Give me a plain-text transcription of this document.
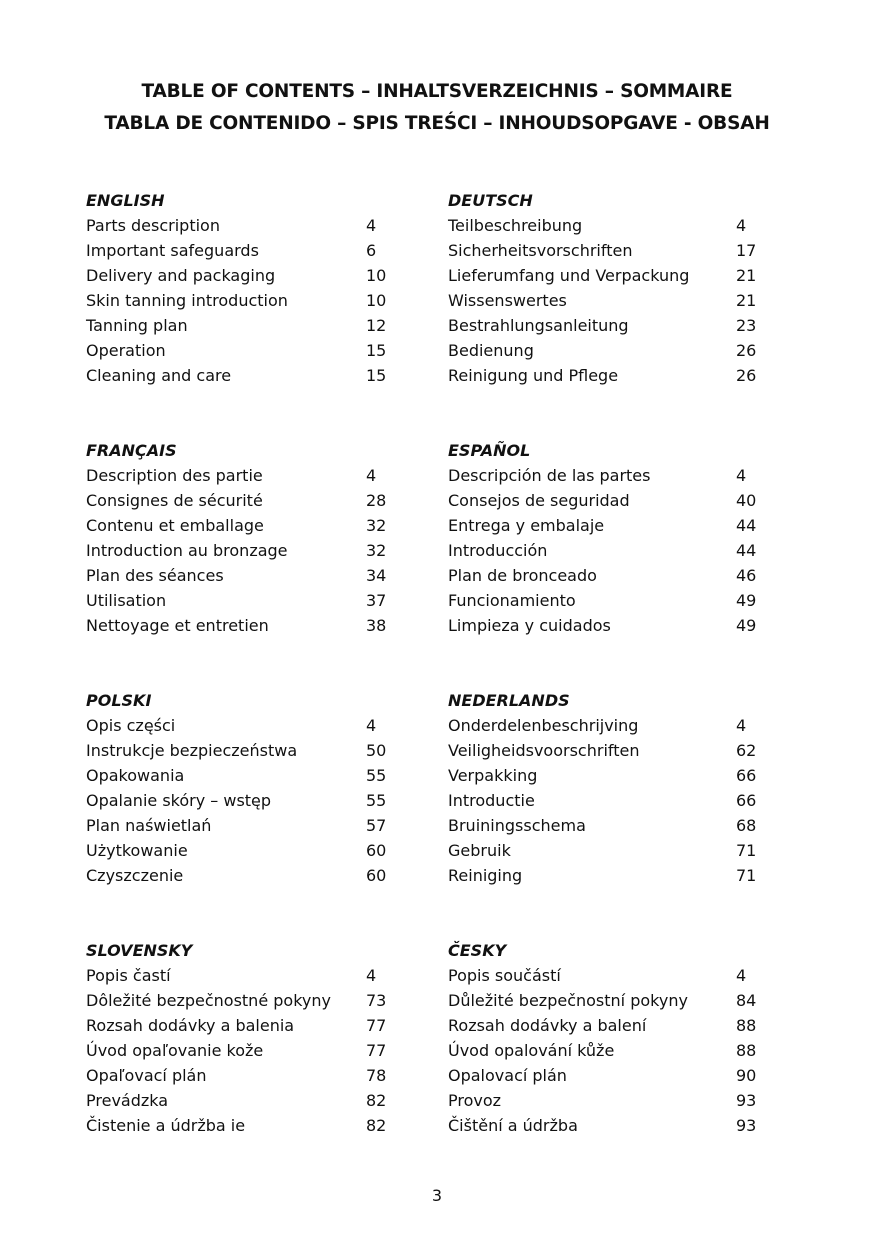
TABLE OF CONTENTS – INHALTSVERZEICHNIS – SOMMAIRE
TABLA DE CONTENIDO – SPIS TREŚCI – INHOUDSOPGAVE - OBSAH
ENGLISH
Parts description	4
Important safeguards	6
Delivery and packaging	10
Skin tanning introduction	10
Tanning plan	12
Operation	15
Cleaning and care	15
DEUTSCH
Teilbeschreibung	4
Sicherheitsvorschriften	17
Lieferumfang und Verpackung	21
Wissenswertes	21
Bestrahlungsanleitung	23
Bedienung	26
Reinigung und Pflege	26
FRANÇAIS
Description des partie	4
Consignes de sécurité	28
Contenu et emballage	32
Introduction au bronzage	32
Plan des séances	34
Utilisation	37
Nettoyage et entretien	38
ESPAÑOL
Descripción de las partes	4
Consejos de seguridad	40
Entrega y embalaje	44
Introducción	44
Plan de bronceado	46
Funcionamiento	49
Limpieza y cuidados	49
POLSKI
Opis części	4
Instrukcje bezpieczeństwa	50
Opakowania	55
Opalanie skóry – wstęp	55
Plan naświetlań	57
Użytkowanie	60
Czyszczenie	60
NEDERLANDS
Onderdelenbeschrijving	4
Veiligheidsvoorschriften	62
Verpakking	66
Introductie	66
Bruiningsschema	68
Gebruik	71
Reiniging	71
SLOVENSKY
Popis častí	4
Dôležité bezpečnostné pokyny 73
Rozsah dodávky a balenia	77
Úvod opaľovanie kože	77
Opaľovací plán	78
Prevádzka	82
Čistenie a údržba ie	82
ČESKY
Popis součástí	4
Důležité bezpečnostní pokyny	84
Rozsah dodávky a balení	88
Úvod opalování kůže	88
Opalovací plán	90
Provoz	93
Čištění a údržba	93
3
